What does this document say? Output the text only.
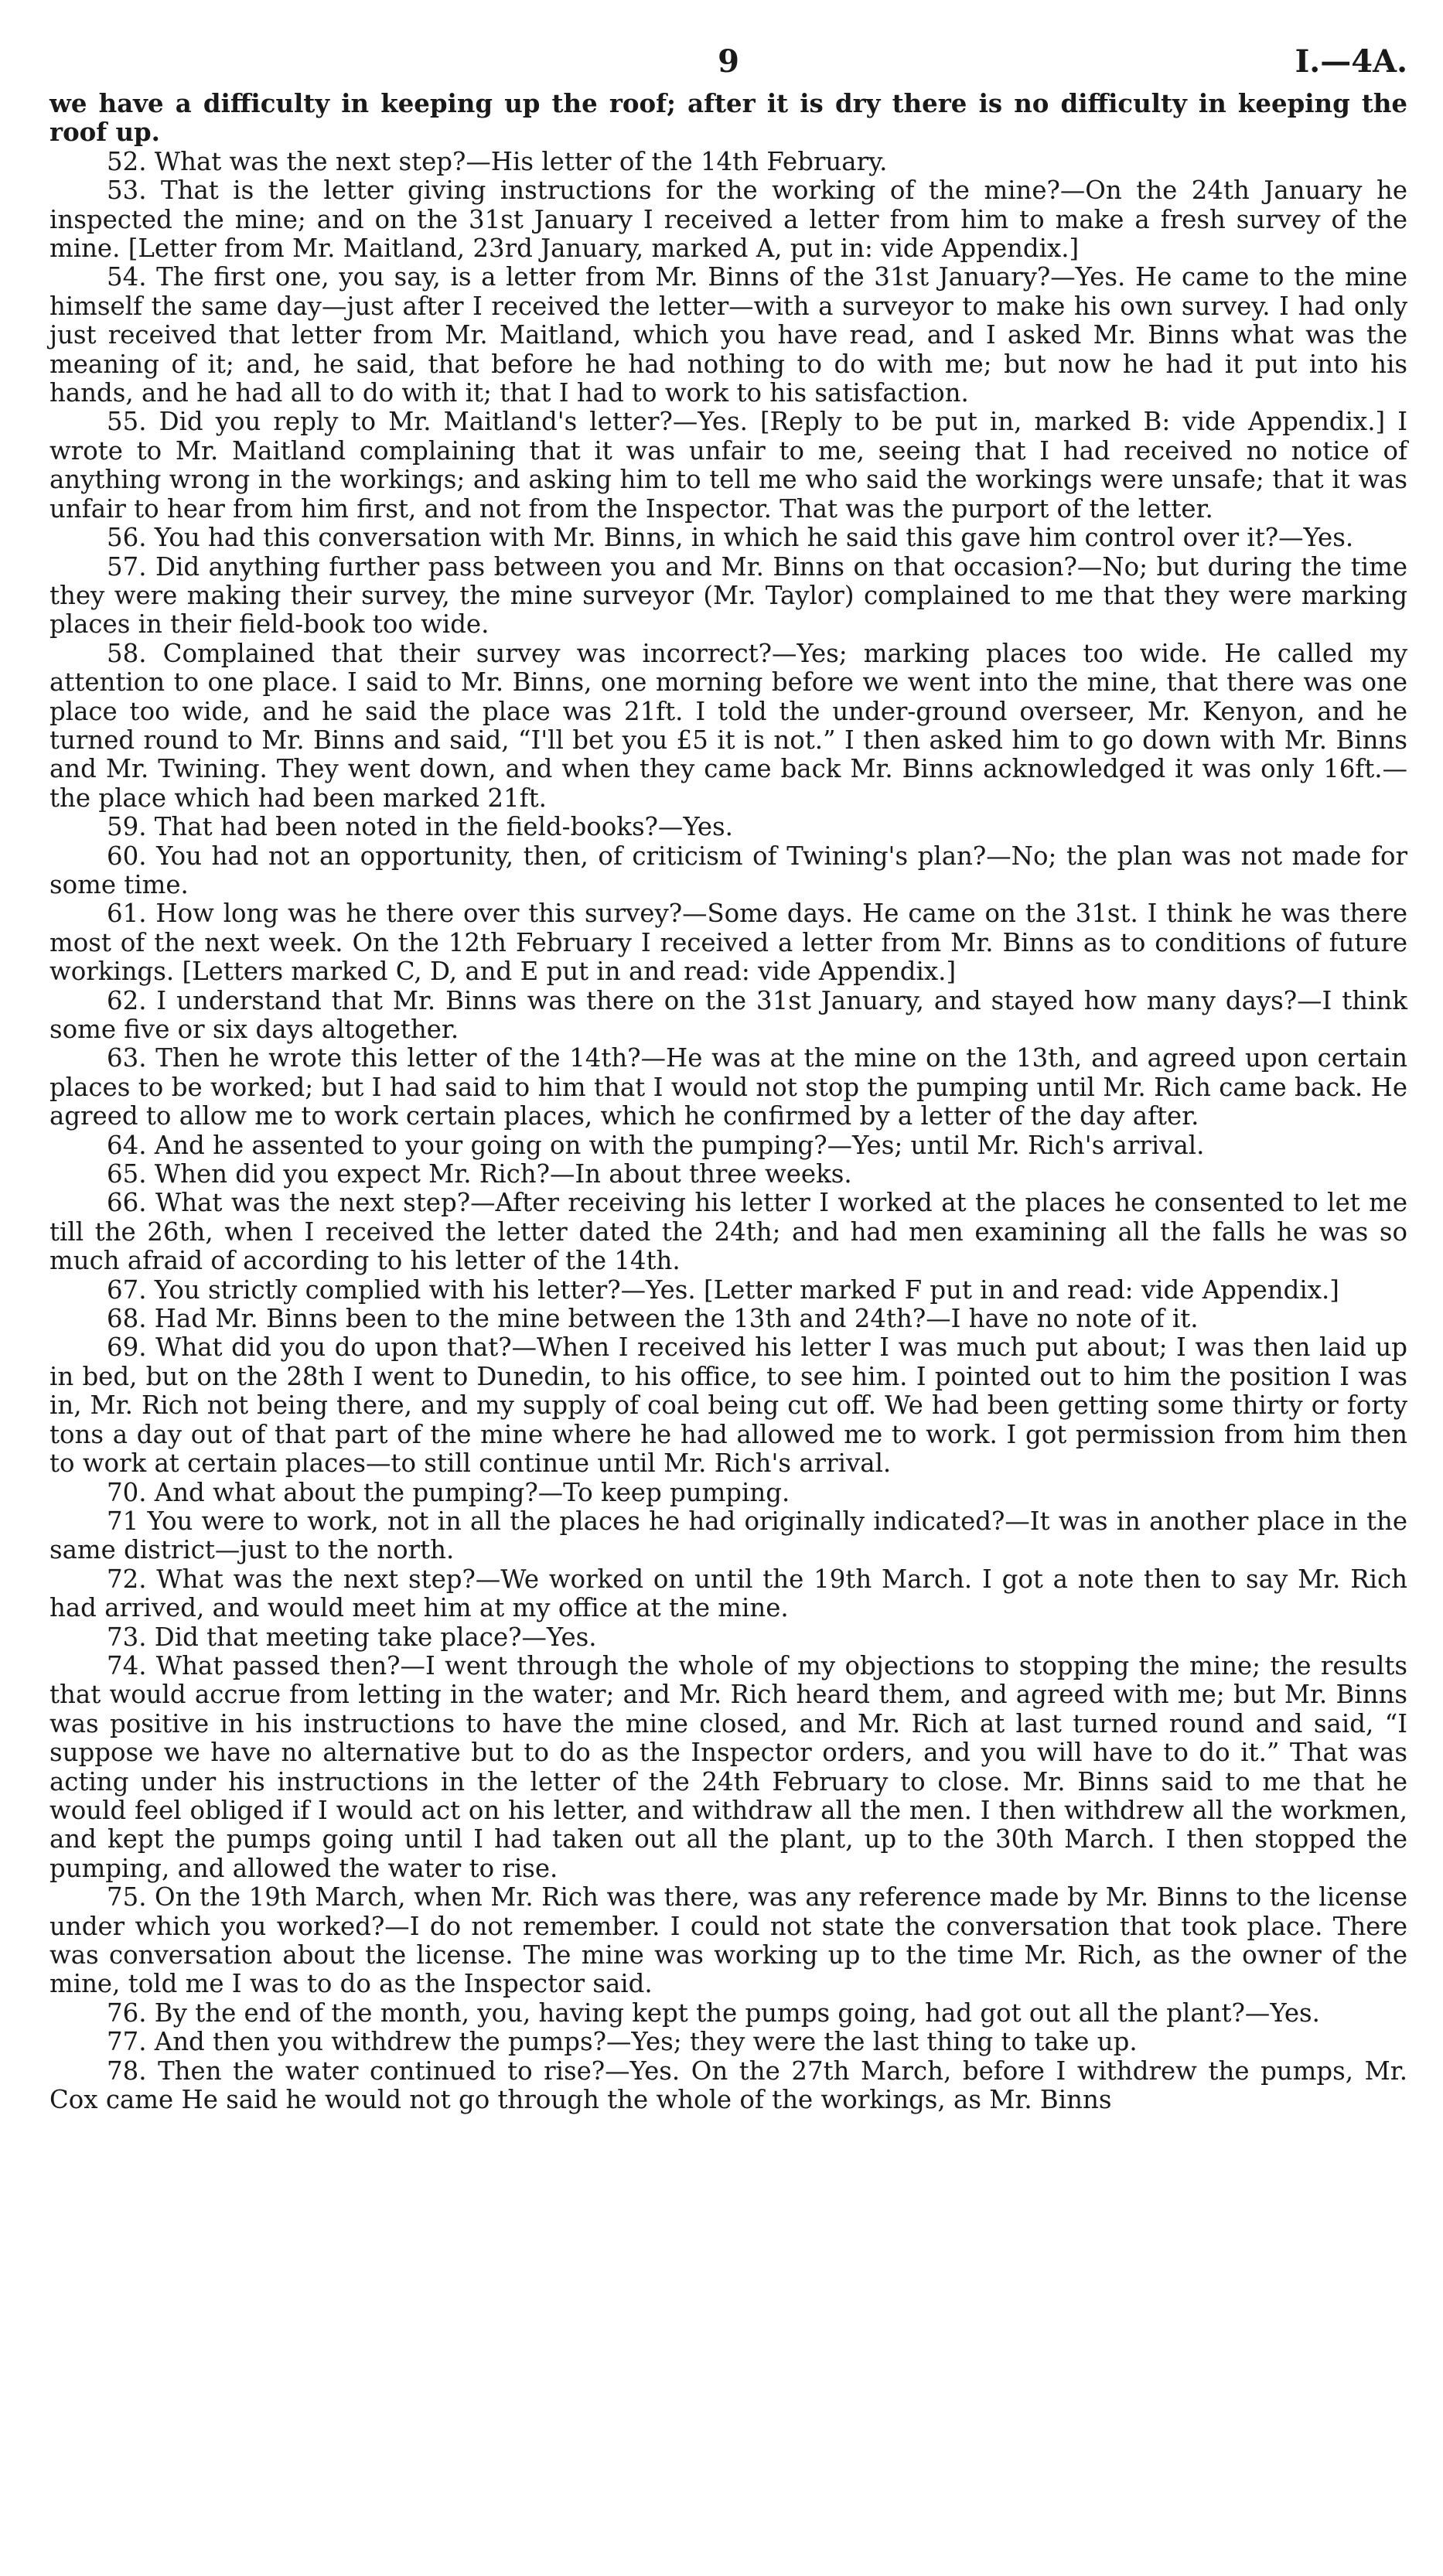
9	I.—4A.

we have a difficulty in keeping up the roof; after it is dry there is no difficulty in keeping the roof up.

52. What was the next step?—His letter of the 14th February.

53. That is the letter giving instructions for the working of the mine?—On the 24th January he inspected the mine; and on the 31st January I received a letter from him to make a fresh survey of the mine. [Letter from Mr. Maitland, 23rd January, marked A, put in: vide Appendix.]

54. The first one, you say, is a letter from Mr. Binns of the 31st January?—Yes. He came to the mine himself the same day—just after I received the letter—with a surveyor to make his own survey. I had only just received that letter from Mr. Maitland, which you have read, and I asked Mr. Binns what was the meaning of it; and, he said, that before he had nothing to do with me; but now he had it put into his hands, and he had all to do with it; that I had to work to his satisfaction.

55. Did you reply to Mr. Maitland's letter?—Yes. [Reply to be put in, marked B: vide Appendix.] I wrote to Mr. Maitland complaining that it was unfair to me, seeing that I had received no notice of anything wrong in the workings; and asking him to tell me who said the workings were unsafe; that it was unfair to hear from him first, and not from the Inspector. That was the purport of the letter.

56. You had this conversation with Mr. Binns, in which he said this gave him control over it?—Yes.

57. Did anything further pass between you and Mr. Binns on that occasion?—No; but during the time they were making their survey, the mine surveyor (Mr. Taylor) complained to me that they were marking places in their field-book too wide.

58. Complained that their survey was incorrect?—Yes; marking places too wide. He called my attention to one place. I said to Mr. Binns, one morning before we went into the mine, that there was one place too wide, and he said the place was 21ft. I told the under-ground overseer, Mr. Kenyon, and he turned round to Mr. Binns and said, “I'll bet you £5 it is not.” I then asked him to go down with Mr. Binns and Mr. Twining. They went down, and when they came back Mr. Binns acknowledged it was only 16ft.—the place which had been marked 21ft.

59. That had been noted in the field-books?—Yes.

60. You had not an opportunity, then, of criticism of Twining's plan?—No; the plan was not made for some time.

61. How long was he there over this survey?—Some days. He came on the 31st. I think he was there most of the next week. On the 12th February I received a letter from Mr. Binns as to conditions of future workings. [Letters marked C, D, and E put in and read: vide Appendix.]

62. I understand that Mr. Binns was there on the 31st January, and stayed how many days?—I think some five or six days altogether.

63. Then he wrote this letter of the 14th?—He was at the mine on the 13th, and agreed upon certain places to be worked; but I had said to him that I would not stop the pumping until Mr. Rich came back. He agreed to allow me to work certain places, which he confirmed by a letter of the day after.

64. And he assented to your going on with the pumping?—Yes; until Mr. Rich's arrival.

65. When did you expect Mr. Rich?—In about three weeks.

66. What was the next step?—After receiving his letter I worked at the places he consented to let me till the 26th, when I received the letter dated the 24th; and had men examining all the falls he was so much afraid of according to his letter of the 14th.

67. You strictly complied with his letter?—Yes. [Letter marked F put in and read: vide Appendix.]

68. Had Mr. Binns been to the mine between the 13th and 24th?—I have no note of it.

69. What did you do upon that?—When I received his letter I was much put about; I was then laid up in bed, but on the 28th I went to Dunedin, to his office, to see him. I pointed out to him the position I was in, Mr. Rich not being there, and my supply of coal being cut off. We had been getting some thirty or forty tons a day out of that part of the mine where he had allowed me to work. I got permission from him then to work at certain places—to still continue until Mr. Rich's arrival.

70. And what about the pumping?—To keep pumping.

71 You were to work, not in all the places he had originally indicated?—It was in another place in the same district—just to the north.

72. What was the next step?—We worked on until the 19th March. I got a note then to say Mr. Rich had arrived, and would meet him at my office at the mine.

73. Did that meeting take place?—Yes.

74. What passed then?—I went through the whole of my objections to stopping the mine; the results that would accrue from letting in the water; and Mr. Rich heard them, and agreed with me; but Mr. Binns was positive in his instructions to have the mine closed, and Mr. Rich at last turned round and said, “I suppose we have no alternative but to do as the Inspector orders, and you will have to do it.” That was acting under his instructions in the letter of the 24th February to close. Mr. Binns said to me that he would feel obliged if I would act on his letter, and withdraw all the men. I then withdrew all the workmen, and kept the pumps going until I had taken out all the plant, up to the 30th March. I then stopped the pumping, and allowed the water to rise.

75. On the 19th March, when Mr. Rich was there, was any reference made by Mr. Binns to the license under which you worked?—I do not remember. I could not state the conversation that took place. There was conversation about the license. The mine was working up to the time Mr. Rich, as the owner of the mine, told me I was to do as the Inspector said.

76. By the end of the month, you, having kept the pumps going, had got out all the plant?—Yes.

77. And then you withdrew the pumps?—Yes; they were the last thing to take up.

78. Then the water continued to rise?—Yes. On the 27th March, before I withdrew the pumps, Mr. Cox came He said he would not go through the whole of the workings, as Mr. Binns
